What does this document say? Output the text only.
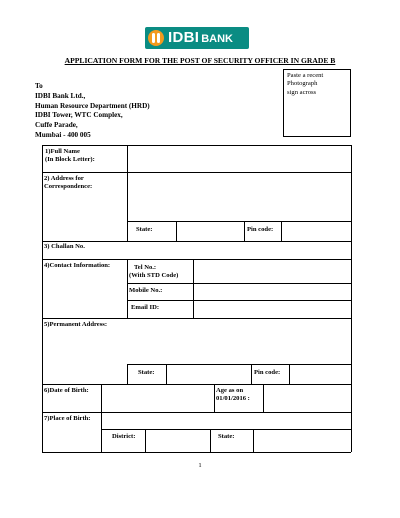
IDBI BANK
APPLICATION FORM FOR THE POST OF SECURITY OFFICER IN GRADE B
To
IDBI Bank Ltd.,
Human Resource Department (HRD)
IDBI Tower, WTC Complex,
Cuffe Parade,
Mumbai - 400 005
Paste a recent
Photograph
sign across
1)Full Name
(In Block Letter):
2) Address for
Correspondence:
State:	Pin code:
3) Challan No.
4)Contact Information:	Tel No.:
(With STD Code)
Mobile No.:
Email ID:
5)Permanent Address:
State:	Pin code:
6)Date of Birth:	Age as on
01/01/2016 :
7)Place of Birth:
District:	State:
1
